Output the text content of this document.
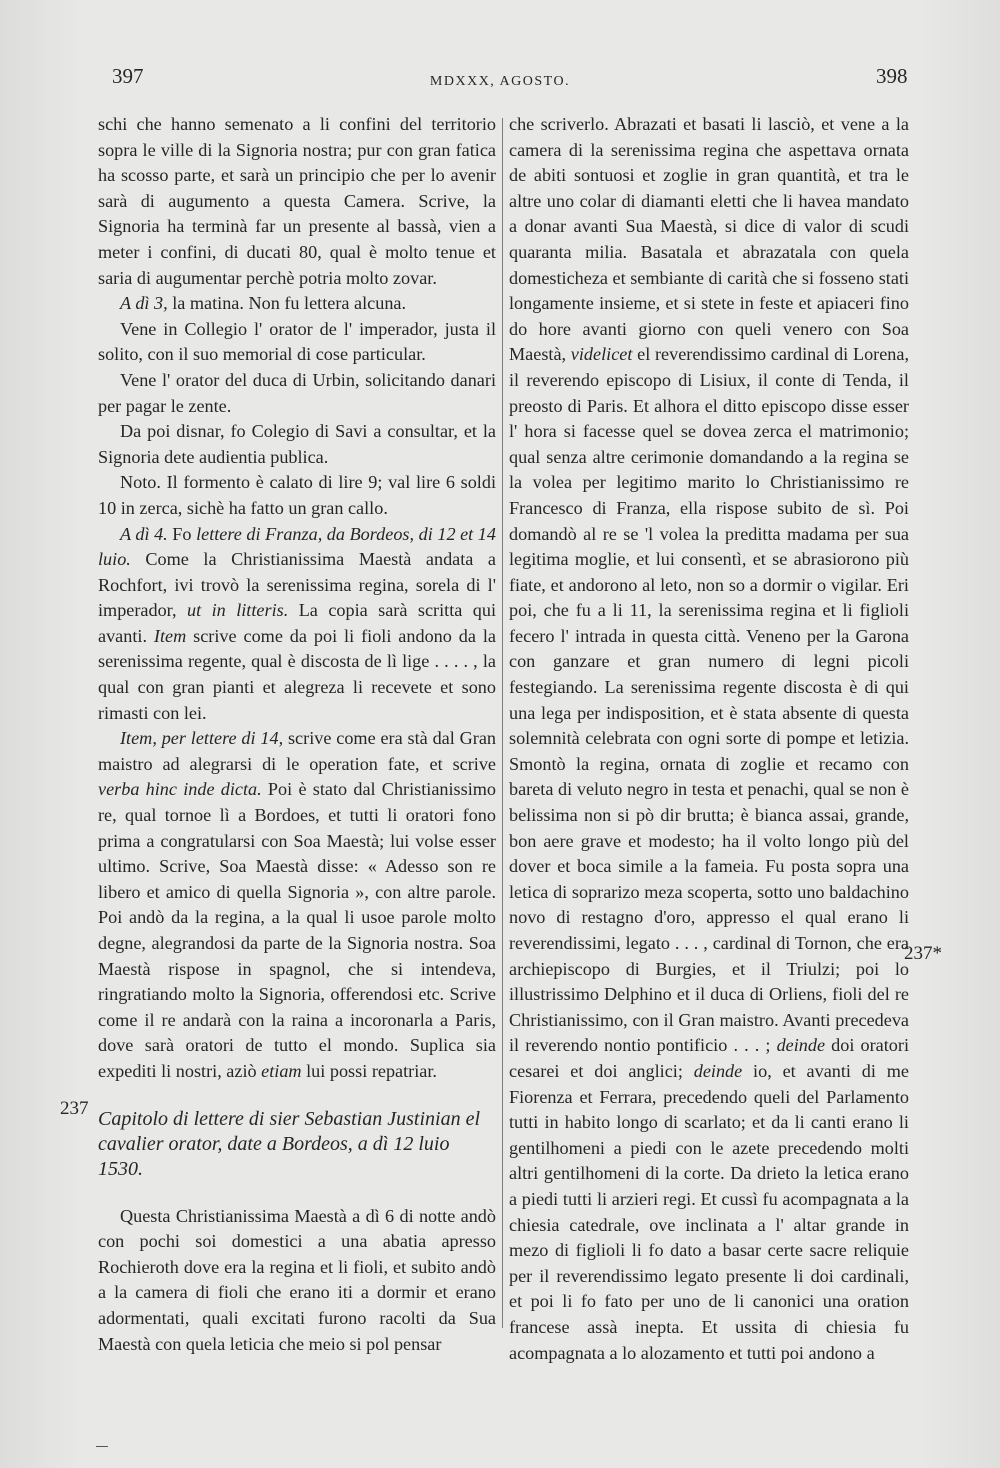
397	MDXXX, AGOSTO.	398
237
237*

schi che hanno semenato a li confini del territorio sopra le ville di la Signoria nostra; pur con gran fatica ha scosso parte, et sarà un principio che per lo avenir sarà di augumento a questa Camera. Scrive, la Signoria ha terminà far un presente al bassà, vien a meter i confini, di ducati 80, qual è molto tenue et saria di augumentar perchè potria molto zovar.

A dì 3, la matina. Non fu lettera alcuna.

Vene in Collegio l' orator de l' imperador, justa il solito, con il suo memorial di cose particular.

Vene l' orator del duca di Urbin, solicitando danari per pagar le zente.

Da poi disnar, fo Colegio di Savi a consultar, et la Signoria dete audientia publica.

Noto. Il formento è calato di lire 9; val lire 6 soldi 10 in zerca, sichè ha fatto un gran callo.

A dì 4. Fo lettere di Franza, da Bordeos, di 12 et 14 luio. Come la Christianissima Maestà andata a Rochfort, ivi trovò la serenissima regina, sorela di l' imperador, ut in litteris. La copia sarà scritta qui avanti. Item scrive come da poi li fioli andono da la serenissima regente, qual è discosta de lì lige . . . . , la qual con gran pianti et alegreza li recevete et sono rimasti con lei.

Item, per lettere di 14, scrive come era stà dal Gran maistro ad alegrarsi di le operation fate, et scrive verba hinc inde dicta. Poi è stato dal Christianissimo re, qual tornoe lì a Bordoes, et tutti li oratori fono prima a congratularsi con Soa Maestà; lui volse esser ultimo. Scrive, Soa Maestà disse: « Adesso son re libero et amico di quella Signoria », con altre parole. Poi andò da la regina, a la qual li usoe parole molto degne, alegrandosi da parte de la Signoria nostra. Soa Maestà rispose in spagnol, che si intendeva, ringratiando molto la Signoria, offerendosi etc. Scrive come il re andarà con la raina a incoronarla a Paris, dove sarà oratori de tutto el mondo. Suplica sia expediti li nostri, aziò etiam lui possi repatriar.

Capitolo di lettere di sier Sebastian Justinian el cavalier orator, date a Bordeos, a dì 12 luio 1530.

Questa Christianissima Maestà a dì 6 di notte andò con pochi soi domestici a una abatia apresso Rochieroth dove era la regina et li fioli, et subito andò a la camera di fioli che erano iti a dormir et erano adormentati, quali excitati furono racolti da Sua Maestà con quela leticia che meio si pol pensar

che scriverlo. Abrazati et basati li lasciò, et vene a la camera di la serenissima regina che aspettava ornata de abiti sontuosi et zoglie in gran quantità, et tra le altre uno colar di diamanti eletti che li havea mandato a donar avanti Sua Maestà, si dice di valor di scudi quaranta milia. Basatala et abrazatala con quela domesticheza et sembiante di carità che si fosseno stati longamente insieme, et si stete in feste et apiaceri fino do hore avanti giorno con queli venero con Soa Maestà, videlicet el reverendissimo cardinal di Lorena, il reverendo episcopo di Lisiux, il conte di Tenda, il preosto di Paris. Et alhora el ditto episcopo disse esser l' hora si facesse quel se dovea zerca el matrimonio; qual senza altre cerimonie domandando a la regina se la volea per legitimo marito lo Christianissimo re Francesco di Franza, ella rispose subito de sì. Poi domandò al re se 'l volea la preditta madama per sua legitima moglie, et lui consentì, et se abrasiorono più fiate, et andorono al leto, non so a dormir o vigilar. Eri poi, che fu a li 11, la serenissima regina et li figlioli fecero l' intrada in questa città. Veneno per la Garona con ganzare et gran numero di legni picoli festegiando. La serenissima regente discosta è di qui una lega per indisposition, et è stata absente di questa solemnità celebrata con ogni sorte di pompe et letizia. Smontò la regina, ornata di zoglie et recamo con bareta di veluto negro in testa et penachi, qual se non è belissima non si pò dir brutta; è bianca assai, grande, bon aere grave et modesto; ha il volto longo più del dover et boca simile a la fameia. Fu posta sopra una letica di soprarizo meza scoperta, sotto uno baldachino novo di restagno d'oro, appresso el qual erano li reverendissimi, legato . . . , cardinal di Tornon, che era archiepiscopo di Burgies, et il Triulzi; poi lo illustrissimo Delphino et il duca di Orliens, fioli del re Christianissimo, con il Gran maistro. Avanti precedeva il reverendo nontio pontificio . . . ; deinde doi oratori cesarei et doi anglici; deinde io, et avanti di me Fiorenza et Ferrara, precedendo queli del Parlamento tutti in habito longo di scarlato; et da li canti erano li gentilhomeni a piedi con le azete precedendo molti altri gentilhomeni di la corte. Da drieto la letica erano a piedi tutti li arzieri regi. Et cussì fu acompagnata a la chiesia catedrale, ove inclinata a l' altar grande in mezo di figlioli li fo dato a basar certe sacre reliquie per il reverendissimo legato presente li doi cardinali, et poi li fo fato per uno de li canonici una oration francese assà inepta. Et ussita di chiesia fu acompagnata a lo alozamento et tutti poi andono a
